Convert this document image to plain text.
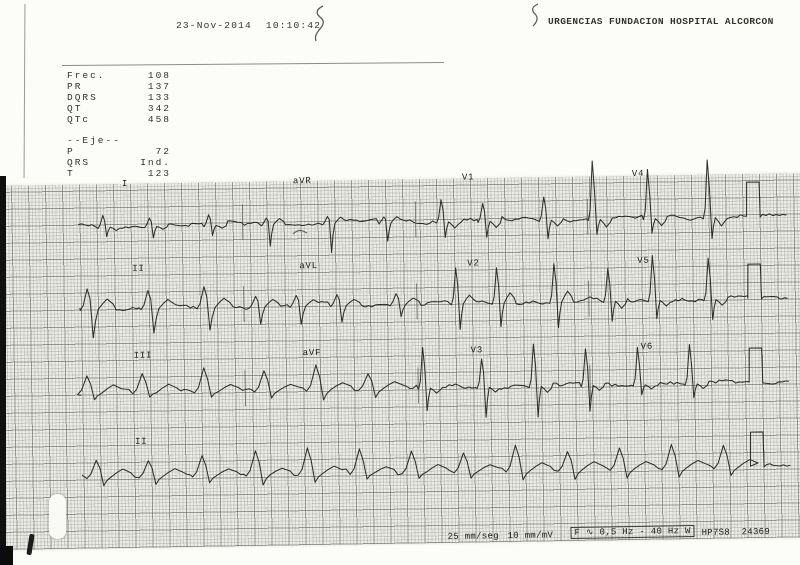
23-Nov-2014 10:10:42	URGENCIAS FUNDACION HOSPITAL ALCORCON
Frec.	108
PR	137
DQRS	133
QT	342
QTc	458
--Eje--
P	72
QRS	Ind.
T	123
25 mm/seg 10 mm/mV	F ∿ 0,5 Hz - 40 Hz W	HP7S8 24369
I	aVR	V1	V4
II	aVL	V2	V5
III	aVF	V3	V6
II
